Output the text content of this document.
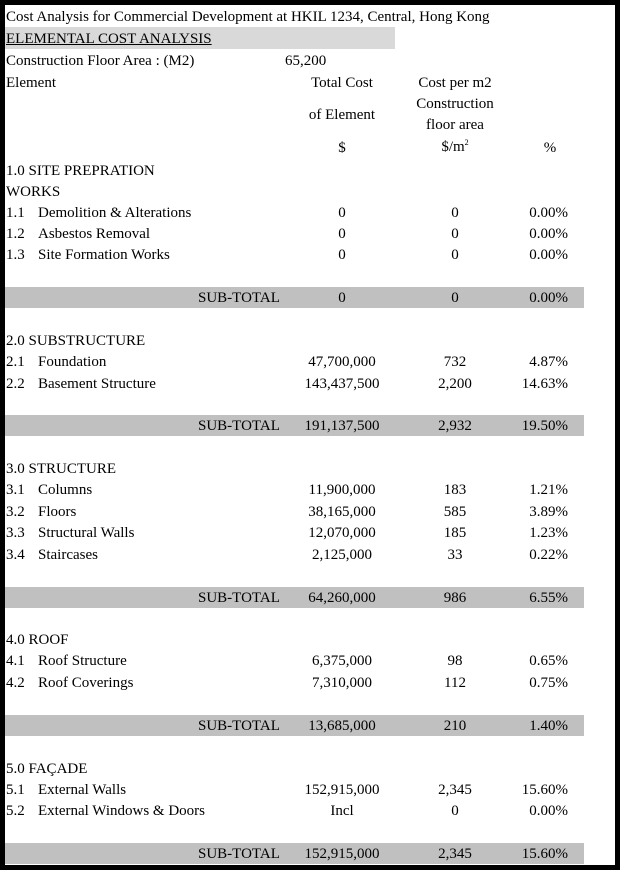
Cost Analysis for Commercial Development at HKIL 1234, Central, Hong Kong
ELEMENTAL COST ANALYSIS
Construction Floor Area : (M2)	65,200
Element	Total Cost
of Element
$
Cost per m2
Construction
floor area
$\$/m^2$	%
1.0 SITE PREPRATION
WORKS
1.1 Demolition & Alterations	0	0	0.00%
1.2 Asbestos Removal	0	0	0.00%
1.3 Site Formation Works	0	0	0.00%
SUB-TOTAL	0	0	0.00%
2.0 SUBSTRUCTURE
2.1 Foundation	47,700,000	732	4.87%
2.2 Basement Structure	143,437,500	2,200	14.63%
SUB-TOTAL	191,137,500	2,932	19.50%
3.0 STRUCTURE
3.1 Columns	11,900,000	183	1.21%
3.2 Floors	38,165,000	585	3.89%
3.3 Structural Walls	12,070,000	185	1.23%
3.4 Staircases	2,125,000	33	0.22%
SUB-TOTAL	64,260,000	986	6.55%
4.0 ROOF
4.1 Roof Structure	6,375,000	98	0.65%
4.2 Roof Coverings	7,310,000	112	0.75%
SUB-TOTAL	13,685,000	210	1.40%
5.0 FAÇADE
5.1 External Walls	152,915,000	2,345	15.60%
5.2 External Windows & Doors	Incl	0	0.00%
SUB-TOTAL	152,915,000	2,345	15.60%
